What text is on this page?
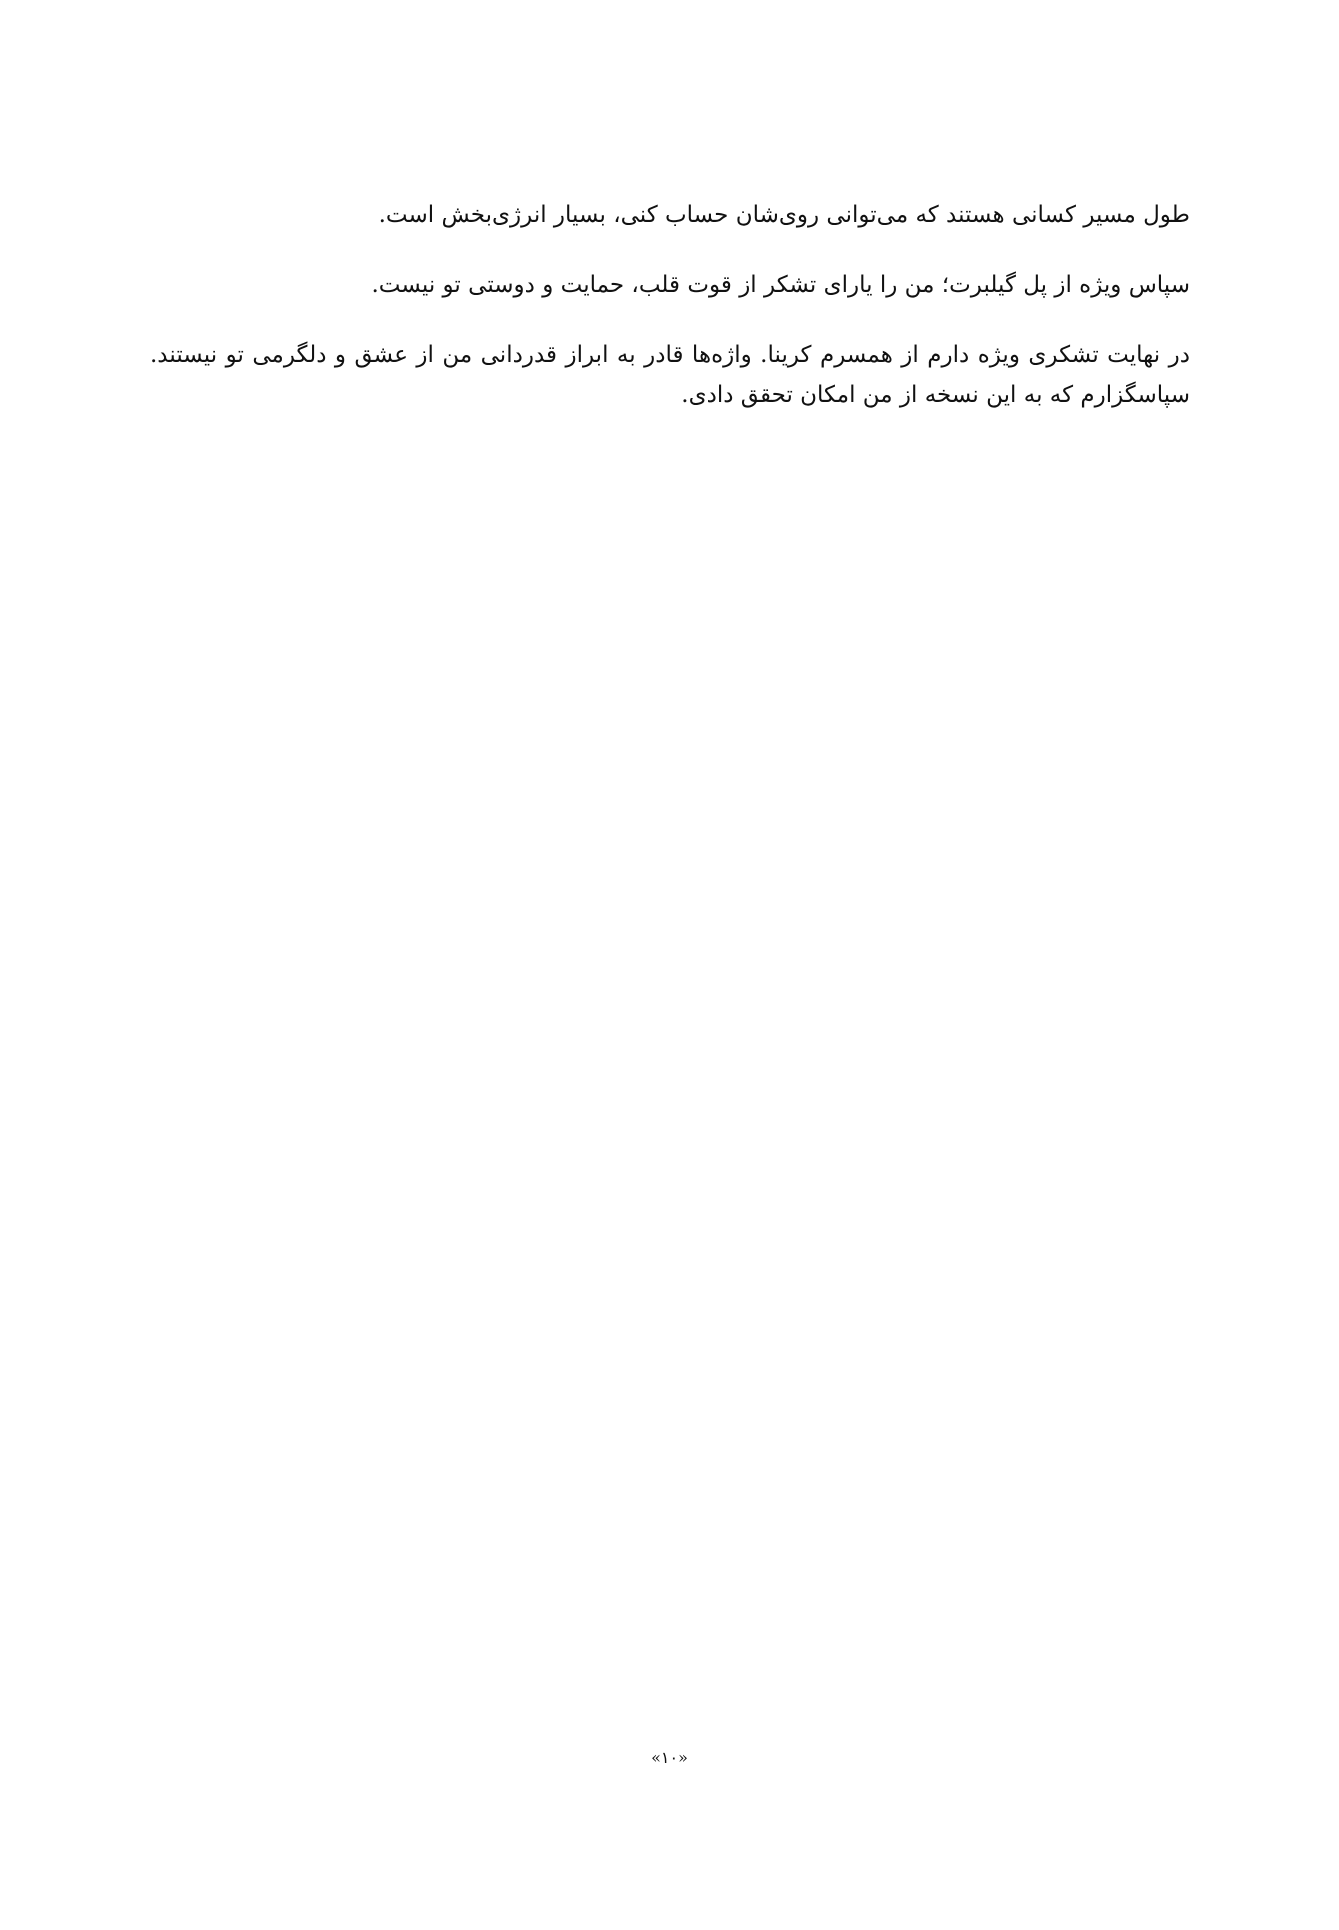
طول مسیر کسانی هستند که می‌توانی روی‌شان حساب کنی، بسیار انرژی‌بخش است.

سپاس ویژه از پل گیلبرت؛ من را یارای تشکر از قوت قلب، حمایت و دوستی تو نیست.

در نهایت تشکری ویژه دارم از همسرم کرینا. واژه‌ها قادر به ابراز قدردانی من از عشق و دلگرمی تو نیستند. سپاسگزارم که به این نسخه از من امکان تحقق دادی.

«۱۰»
